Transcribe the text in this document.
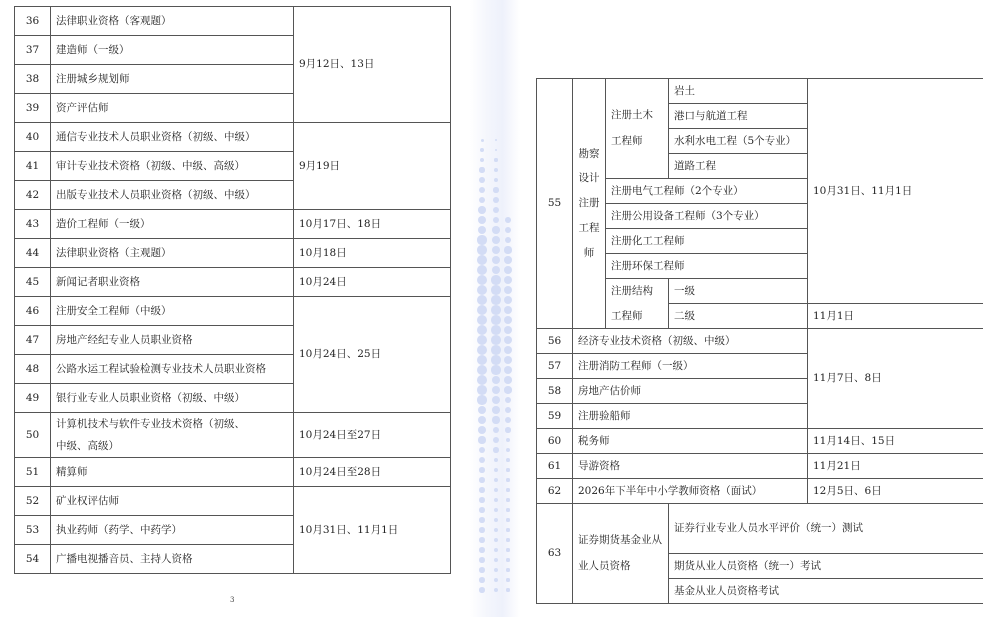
36	法律职业资格（客观题）	9月12日、13日
37	建造师（一级）	
38	注册城乡规划师	
39	资产评估师	
40	通信专业技术人员职业资格（初级、中级）	9月19日
41	审计专业技术资格（初级、中级、高级）	
42	出版专业技术人员职业资格（初级、中级）	
43	造价工程师（一级）	10月17日、18日
44	法律职业资格（主观题）	10月18日
45	新闻记者职业资格	10月24日
46	注册安全工程师（中级）	10月24日、25日
47	房地产经纪专业人员职业资格	
48	公路水运工程试验检测专业技术人员职业资格	
49	银行业专业人员职业资格（初级、中级）	
50	计算机技术与软件专业技术资格（初级、中级、高级）	10月24日至27日
51	精算师	10月24日至28日
52	矿业权评估师	10月31日、11月1日
53	执业药师（药学、中药学）	
54	广播电视播音员、主持人资格	
3
55	勘察设计注册工程师	注册土木工程师	岩土	10月31日、11月1日	
			港口与航道工程		
			水利水电工程（5个专业）		
			道路工程		
		注册电气工程师（2个专业）			
		注册公用设备工程师（3个专业）			
		注册化工工程师			
		注册环保工程师			
		注册结构工程师	一级		
			二级	11月1日	
56	经济专业技术资格（初级、中级）			11月7日、8日	
57	注册消防工程师（一级）				
58	房地产估价师				
59	注册验船师				
60	税务师			11月14日、15日	
61	导游资格			11月21日	
62	2026年下半年中小学教师资格（面试）			12月5日、6日	
63	证券期货基金业从业人员资格		证券行业专业人员水平评价（统一）测试	
			期货从业人员资格（统一）考试	
			基金从业人员资格考试	
